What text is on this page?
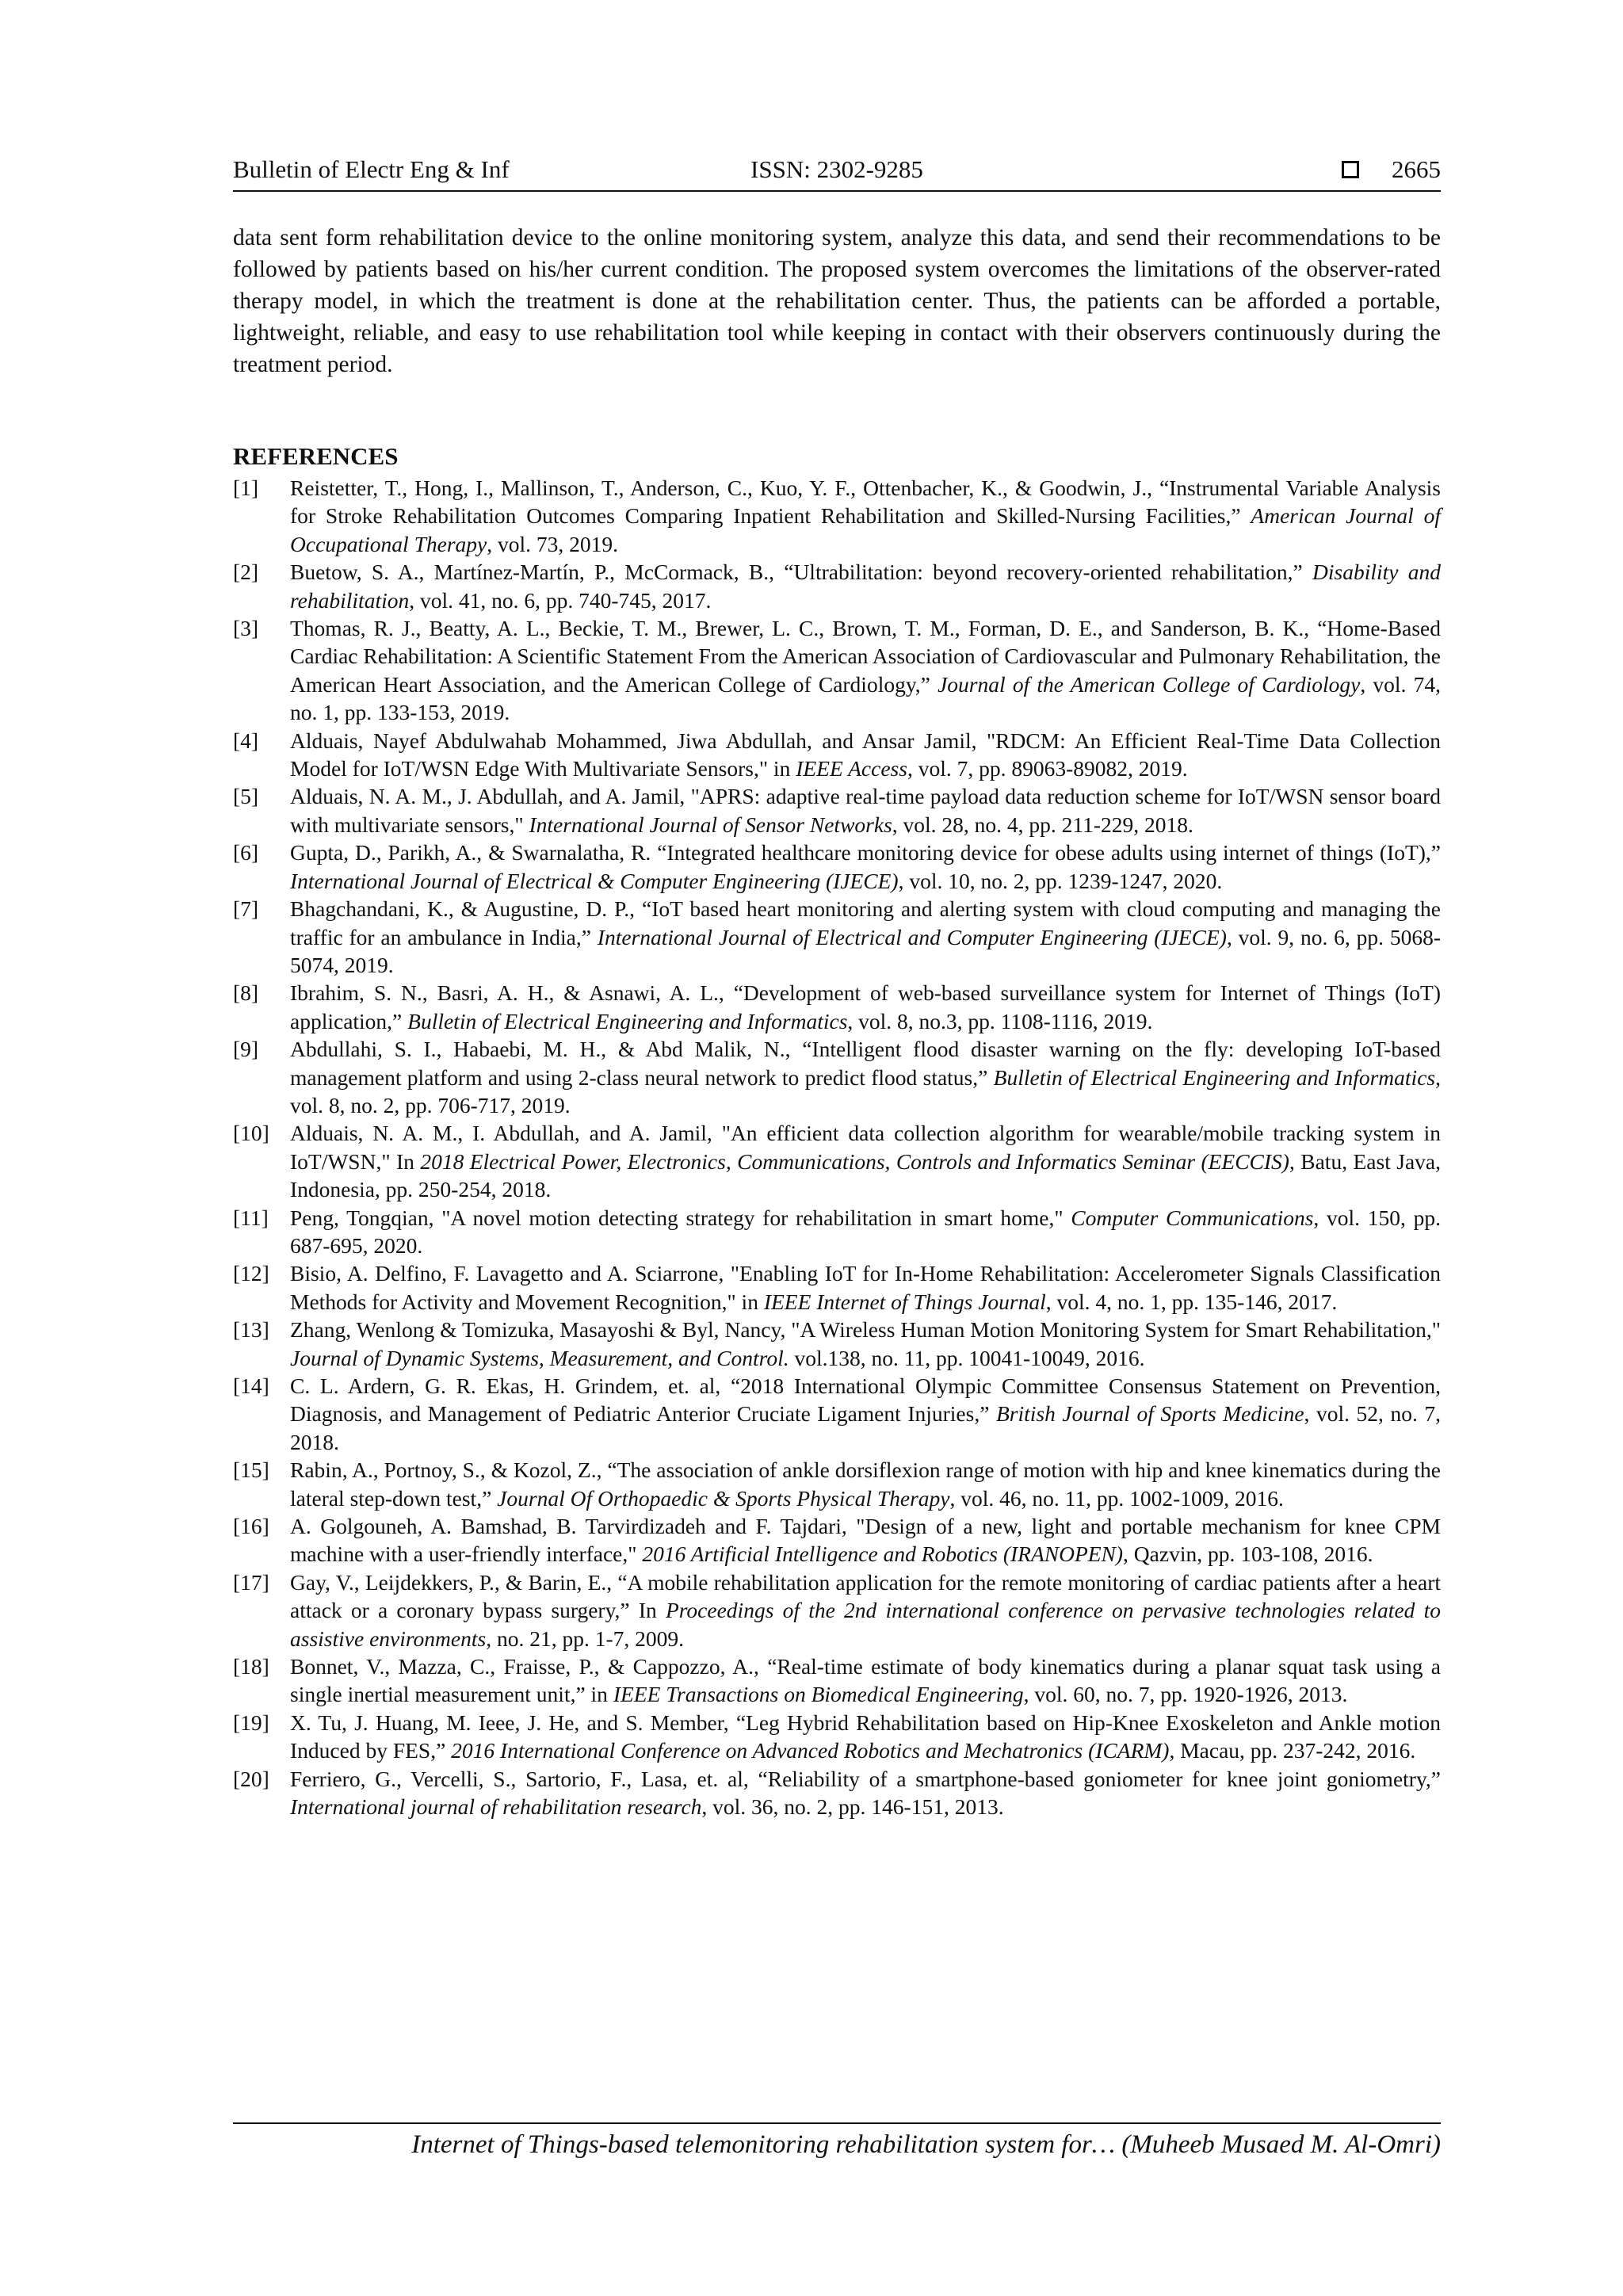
Bulletin of Electr Eng & Inf	ISSN: 2302-9285	2665
data sent form rehabilitation device to the online monitoring system, analyze this data, and send their recommendations to be followed by patients based on his/her current condition. The proposed system overcomes the limitations of the observer-rated therapy model, in which the treatment is done at the rehabilitation center. Thus, the patients can be afforded a portable, lightweight, reliable, and easy to use rehabilitation tool while keeping in contact with their observers continuously during the treatment period.
REFERENCES
[1]	Reistetter, T., Hong, I., Mallinson, T., Anderson, C., Kuo, Y. F., Ottenbacher, K., & Goodwin, J., “Instrumental Variable Analysis for Stroke Rehabilitation Outcomes Comparing Inpatient Rehabilitation and Skilled-Nursing Facilities,” American Journal of Occupational Therapy, vol. 73, 2019.
[2]	Buetow, S. A., Martínez-Martín, P., McCormack, B., “Ultrabilitation: beyond recovery-oriented rehabilitation,” Disability and rehabilitation, vol. 41, no. 6, pp. 740-745, 2017.
[3]	Thomas, R. J., Beatty, A. L., Beckie, T. M., Brewer, L. C., Brown, T. M., Forman, D. E., and Sanderson, B. K., “Home-Based Cardiac Rehabilitation: A Scientific Statement From the American Association of Cardiovascular and Pulmonary Rehabilitation, the American Heart Association, and the American College of Cardiology,” Journal of the American College of Cardiology, vol. 74, no. 1, pp. 133-153, 2019.
[4]	Alduais, Nayef Abdulwahab Mohammed, Jiwa Abdullah, and Ansar Jamil, "RDCM: An Efficient Real-Time Data Collection Model for IoT/WSN Edge With Multivariate Sensors," in IEEE Access, vol. 7, pp. 89063-89082, 2019.
[5]	Alduais, N. A. M., J. Abdullah, and A. Jamil, "APRS: adaptive real-time payload data reduction scheme for IoT/WSN sensor board with multivariate sensors," International Journal of Sensor Networks, vol. 28, no. 4, pp. 211-229, 2018.
[6]	Gupta, D., Parikh, A., & Swarnalatha, R. “Integrated healthcare monitoring device for obese adults using internet of things (IoT),” International Journal of Electrical & Computer Engineering (IJECE), vol. 10, no. 2, pp. 1239-1247, 2020.
[7]	Bhagchandani, K., & Augustine, D. P., “IoT based heart monitoring and alerting system with cloud computing and managing the traffic for an ambulance in India,” International Journal of Electrical and Computer Engineering (IJECE), vol. 9, no. 6, pp. 5068-5074, 2019.
[8]	Ibrahim, S. N., Basri, A. H., & Asnawi, A. L., “Development of web-based surveillance system for Internet of Things (IoT) application,” Bulletin of Electrical Engineering and Informatics, vol. 8, no.3, pp. 1108-1116, 2019.
[9]	Abdullahi, S. I., Habaebi, M. H., & Abd Malik, N., “Intelligent flood disaster warning on the fly: developing IoT-based management platform and using 2-class neural network to predict flood status,” Bulletin of Electrical Engineering and Informatics, vol. 8, no. 2, pp. 706-717, 2019.
[10] Alduais, N. A. M., I. Abdullah, and A. Jamil, "An efficient data collection algorithm for wearable/mobile tracking system in IoT/WSN," In 2018 Electrical Power, Electronics, Communications, Controls and Informatics Seminar (EECCIS), Batu, East Java, Indonesia, pp. 250-254, 2018.
[11] Peng, Tongqian, "A novel motion detecting strategy for rehabilitation in smart home," Computer Communications, vol. 150, pp. 687-695, 2020.
[12] Bisio, A. Delfino, F. Lavagetto and A. Sciarrone, "Enabling IoT for In-Home Rehabilitation: Accelerometer Signals Classification Methods for Activity and Movement Recognition," in IEEE Internet of Things Journal, vol. 4, no. 1, pp. 135-146, 2017.
[13] Zhang, Wenlong & Tomizuka, Masayoshi & Byl, Nancy, "A Wireless Human Motion Monitoring System for Smart Rehabilitation," Journal of Dynamic Systems, Measurement, and Control. vol.138, no. 11, pp. 10041-10049, 2016.
[14] C. L. Ardern, G. R. Ekas, H. Grindem, et. al, “2018 International Olympic Committee Consensus Statement on Prevention, Diagnosis, and Management of Pediatric Anterior Cruciate Ligament Injuries,” British Journal of Sports Medicine, vol. 52, no. 7, 2018.
[15] Rabin, A., Portnoy, S., & Kozol, Z., “The association of ankle dorsiflexion range of motion with hip and knee kinematics during the lateral step-down test,” Journal Of Orthopaedic & Sports Physical Therapy, vol. 46, no. 11, pp. 1002-1009, 2016.
[16] A. Golgouneh, A. Bamshad, B. Tarvirdizadeh and F. Tajdari, "Design of a new, light and portable mechanism for knee CPM machine with a user-friendly interface," 2016 Artificial Intelligence and Robotics (IRANOPEN), Qazvin, pp. 103-108, 2016.
[17] Gay, V., Leijdekkers, P., & Barin, E., “A mobile rehabilitation application for the remote monitoring of cardiac patients after a heart attack or a coronary bypass surgery,” In Proceedings of the 2nd international conference on pervasive technologies related to assistive environments, no. 21, pp. 1-7, 2009.
[18] Bonnet, V., Mazza, C., Fraisse, P., & Cappozzo, A., “Real-time estimate of body kinematics during a planar squat task using a single inertial measurement unit,” in IEEE Transactions on Biomedical Engineering, vol. 60, no. 7, pp. 1920-1926, 2013.
[19] X. Tu, J. Huang, M. Ieee, J. He, and S. Member, “Leg Hybrid Rehabilitation based on Hip-Knee Exoskeleton and Ankle motion Induced by FES,” 2016 International Conference on Advanced Robotics and Mechatronics (ICARM), Macau, pp. 237-242, 2016.
[20] Ferriero, G., Vercelli, S., Sartorio, F., Lasa, et. al, “Reliability of a smartphone-based goniometer for knee joint goniometry,” International journal of rehabilitation research, vol. 36, no. 2, pp. 146-151, 2013.
Internet of Things-based telemonitoring rehabilitation system for… (Muheeb Musaed M. Al-Omri)
